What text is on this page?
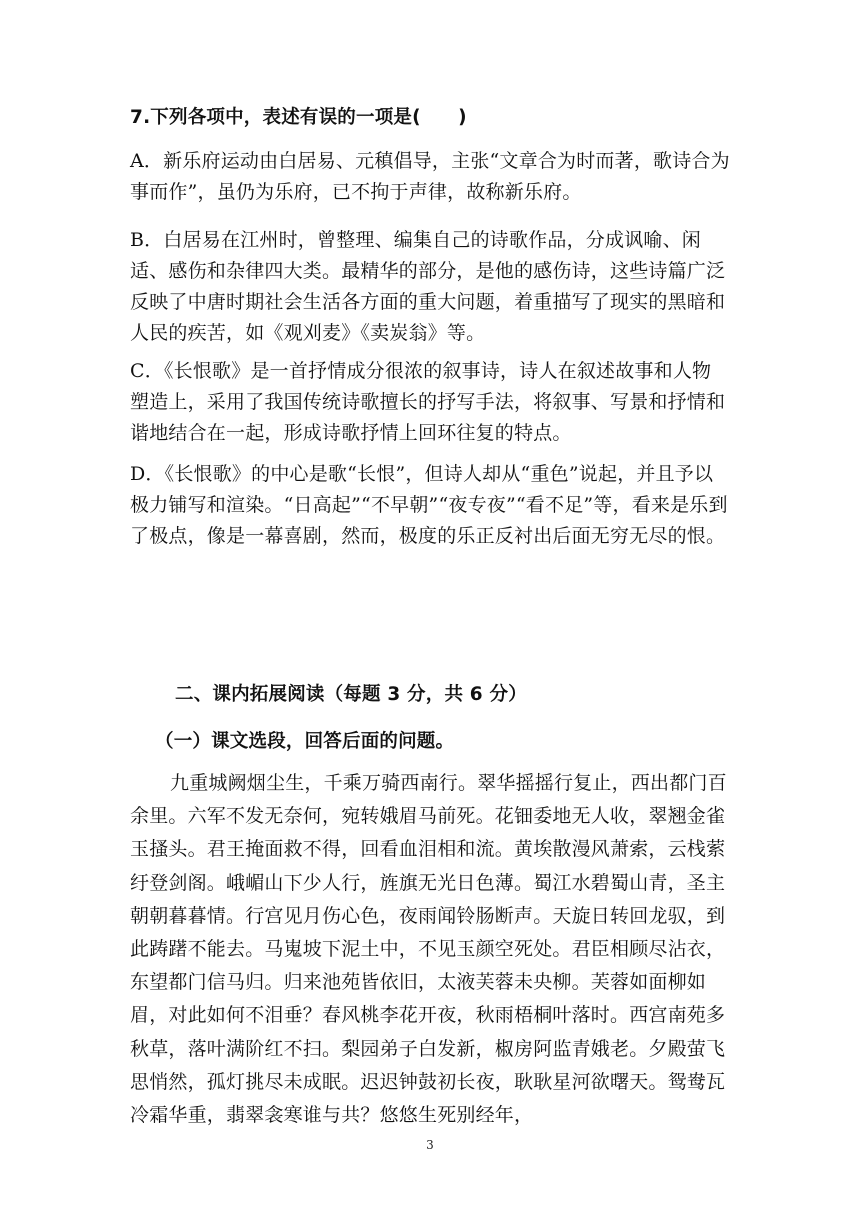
7.下列各项中，表述有误的一项是(　　)

A．新乐府运动由白居易、元稹倡导，主张“文章合为时而著，歌诗合为事而作”，虽仍为乐府，已不拘于声律，故称新乐府。

B．白居易在江州时，曾整理、编集自己的诗歌作品，分成讽喻、闲适、感伤和杂律四大类。最精华的部分，是他的感伤诗，这些诗篇广泛反映了中唐时期社会生活各方面的重大问题，着重描写了现实的黑暗和人民的疾苦，如《观刈麦》《卖炭翁》等。

C．《长恨歌》是一首抒情成分很浓的叙事诗，诗人在叙述故事和人物塑造上，采用了我国传统诗歌擅长的抒写手法，将叙事、写景和抒情和谐地结合在一起，形成诗歌抒情上回环往复的特点。

D．《长恨歌》的中心是歌“长恨”，但诗人却从“重色”说起，并且予以极力铺写和渲染。“日高起”“不早朝”“夜专夜”“看不足”等，看来是乐到了极点，像是一幕喜剧，然而，极度的乐正反衬出后面无穷无尽的恨。

二、课内拓展阅读（每题 3 分，共 6 分）

（一）课文选段，回答后面的问题。

九重城阙烟尘生，千乘万骑西南行。翠华摇摇行复止，西出都门百余里。六军不发无奈何，宛转娥眉马前死。花钿委地无人收，翠翘金雀玉搔头。君王掩面救不得，回看血泪相和流。黄埃散漫风萧索，云栈萦纡登剑阁。峨嵋山下少人行，旌旗无光日色薄。蜀江水碧蜀山青，圣主朝朝暮暮情。行宫见月伤心色，夜雨闻铃肠断声。天旋日转回龙驭，到此踌躇不能去。马嵬坡下泥土中，不见玉颜空死处。君臣相顾尽沾衣，东望都门信马归。归来池苑皆依旧，太液芙蓉未央柳。芙蓉如面柳如眉，对此如何不泪垂？春风桃李花开夜，秋雨梧桐叶落时。西宫南苑多秋草，落叶满阶红不扫。梨园弟子白发新，椒房阿监青娥老。夕殿萤飞思悄然，孤灯挑尽未成眠。迟迟钟鼓初长夜，耿耿星河欲曙天。鸳鸯瓦冷霜华重，翡翠衾寒谁与共？悠悠生死别经年，

3
